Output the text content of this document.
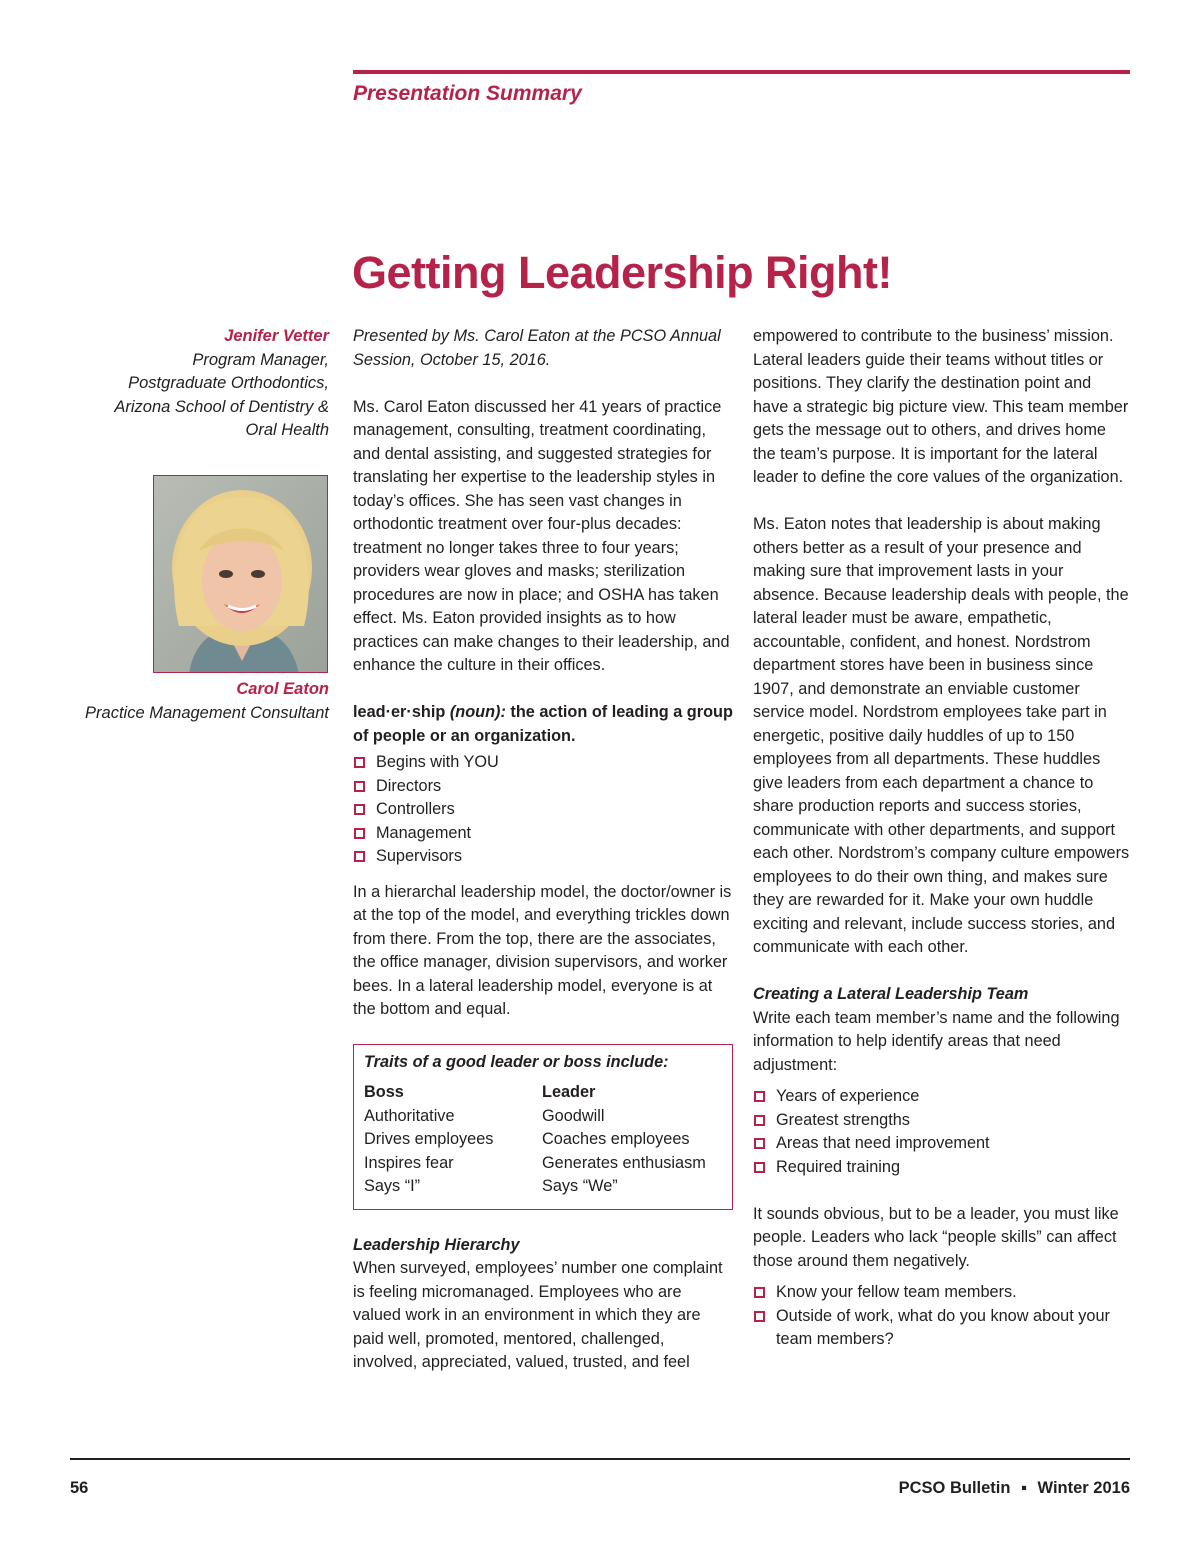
Presentation Summary
Getting Leadership Right!
Jenifer Vetter
Program Manager,
Postgraduate Orthodontics,
Arizona School of Dentistry &
Oral Health
Carol Eaton
Practice Management Consultant

Presented by Ms. Carol Eaton at the PCSO Annual Session, October 15, 2016.

Ms. Carol Eaton discussed her 41 years of practice management, consulting, treatment coordinating, and dental assisting, and suggested strategies for translating her expertise to the leadership styles in today’s offices. She has seen vast changes in orthodontic treatment over four-plus decades: treatment no longer takes three to four years; providers wear gloves and masks; sterilization procedures are now in place; and OSHA has taken effect. Ms. Eaton provided insights as to how practices can make changes to their leadership, and enhance the culture in their offices.

lead·er·ship (noun): the action of leading a group of people or an organization.

Begins with YOU
Directors
Controllers
Management
Supervisors

In a hierarchal leadership model, the doctor/owner is at the top of the model, and everything trickles down from there. From the top, there are the associates, the office manager, division supervisors, and worker bees. In a lateral leadership model, everyone is at the bottom and equal.

Traits of a good leader or boss include:
Boss
Authoritative
Drives employees
Inspires fear
Says “I”
Leader
Goodwill
Coaches employees
Generates enthusiasm
Says “We”

Leadership Hierarchy

When surveyed, employees’ number one complaint is feeling micromanaged. Employees who are valued work in an environment in which they are paid well, promoted, mentored, challenged, involved, appreciated, valued, trusted, and feel

empowered to contribute to the business’ mission. Lateral leaders guide their teams without titles or positions. They clarify the destination point and have a strategic big picture view. This team member gets the message out to others, and drives home the team’s purpose. It is important for the lateral leader to define the core values of the organization.

Ms. Eaton notes that leadership is about making others better as a result of your presence and making sure that improvement lasts in your absence. Because leadership deals with people, the lateral leader must be aware, empathetic, accountable, confident, and honest. Nordstrom department stores have been in business since 1907, and demonstrate an enviable customer service model. Nordstrom employees take part in energetic, positive daily huddles of up to 150 employees from all departments. These huddles give leaders from each department a chance to share production reports and success stories, communicate with other departments, and support each other. Nordstrom’s company culture empowers employees to do their own thing, and makes sure they are rewarded for it. Make your own huddle exciting and relevant, include success stories, and communicate with each other.

Creating a Lateral Leadership Team

Write each team member’s name and the following information to help identify areas that need adjustment:

Years of experience
Greatest strengths
Areas that need improvement
Required training

It sounds obvious, but to be a leader, you must like people. Leaders who lack “people skills” can affect those around them negatively.

Know your fellow team members.
Outside of work, what do you know about your team members?
56	PCSO Bulletin ▪ Winter 2016
